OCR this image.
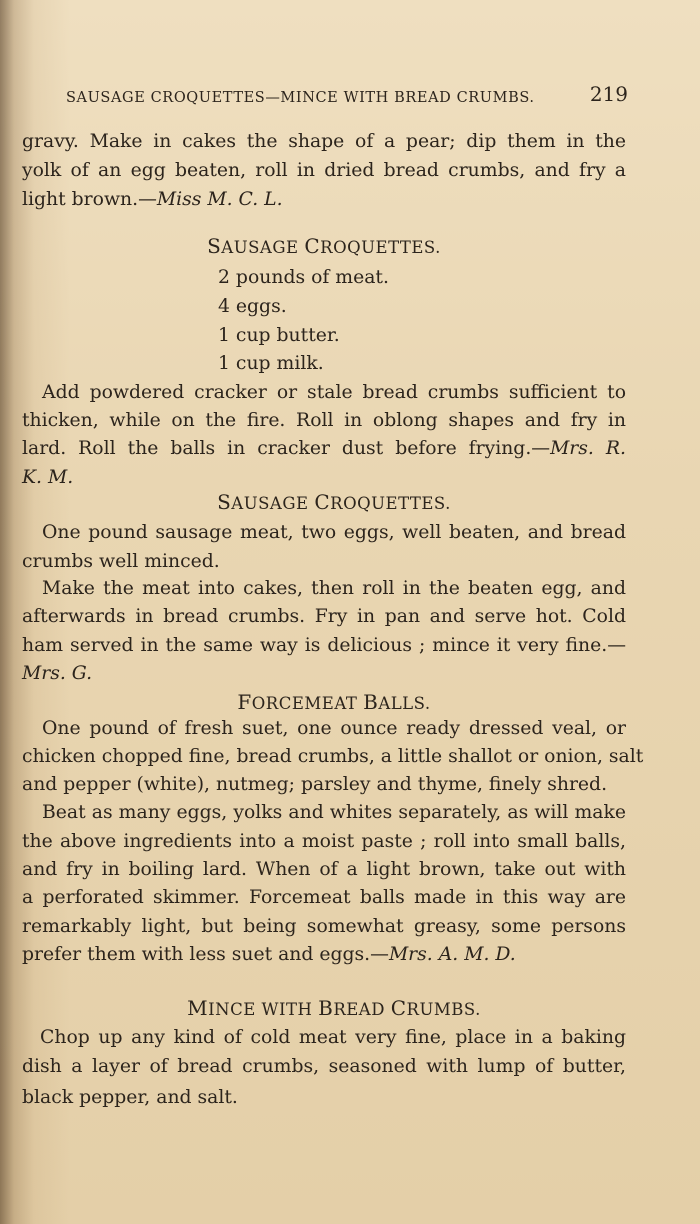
SAUSAGE CROQUETTES—MINCE WITH BREAD CRUMBS.	219
gravy. Make in cakes the shape of a pear; dip them in the
yolk of an egg beaten, roll in dried bread crumbs, and fry a
light brown.—Miss M. C. L.
SAUSAGE CROQUETTES.
2 pounds of meat.
4 eggs.
1 cup butter.
1 cup milk.
Add powdered cracker or stale bread crumbs sufficient to
thicken, while on the fire. Roll in oblong shapes and fry in
lard. Roll the balls in cracker dust before frying.—Mrs. R.
K. M.
SAUSAGE CROQUETTES.
One pound sausage meat, two eggs, well beaten, and bread
crumbs well minced.
Make the meat into cakes, then roll in the beaten egg, and
afterwards in bread crumbs. Fry in pan and serve hot. Cold
ham served in the same way is delicious ; mince it very fine.—
Mrs. G.
FORCEMEAT BALLS.
One pound of fresh suet, one ounce ready dressed veal, or
chicken chopped fine, bread crumbs, a little shallot or onion, salt
and pepper (white), nutmeg; parsley and thyme, finely shred.
Beat as many eggs, yolks and whites separately, as will make
the above ingredients into a moist paste ; roll into small balls,
and fry in boiling lard. When of a light brown, take out with
a perforated skimmer. Forcemeat balls made in this way are
remarkably light, but being somewhat greasy, some persons
prefer them with less suet and eggs.—Mrs. A. M. D.
MINCE WITH BREAD CRUMBS.
Chop up any kind of cold meat very fine, place in a baking
dish a layer of bread crumbs, seasoned with lump of butter,
black pepper, and salt.
